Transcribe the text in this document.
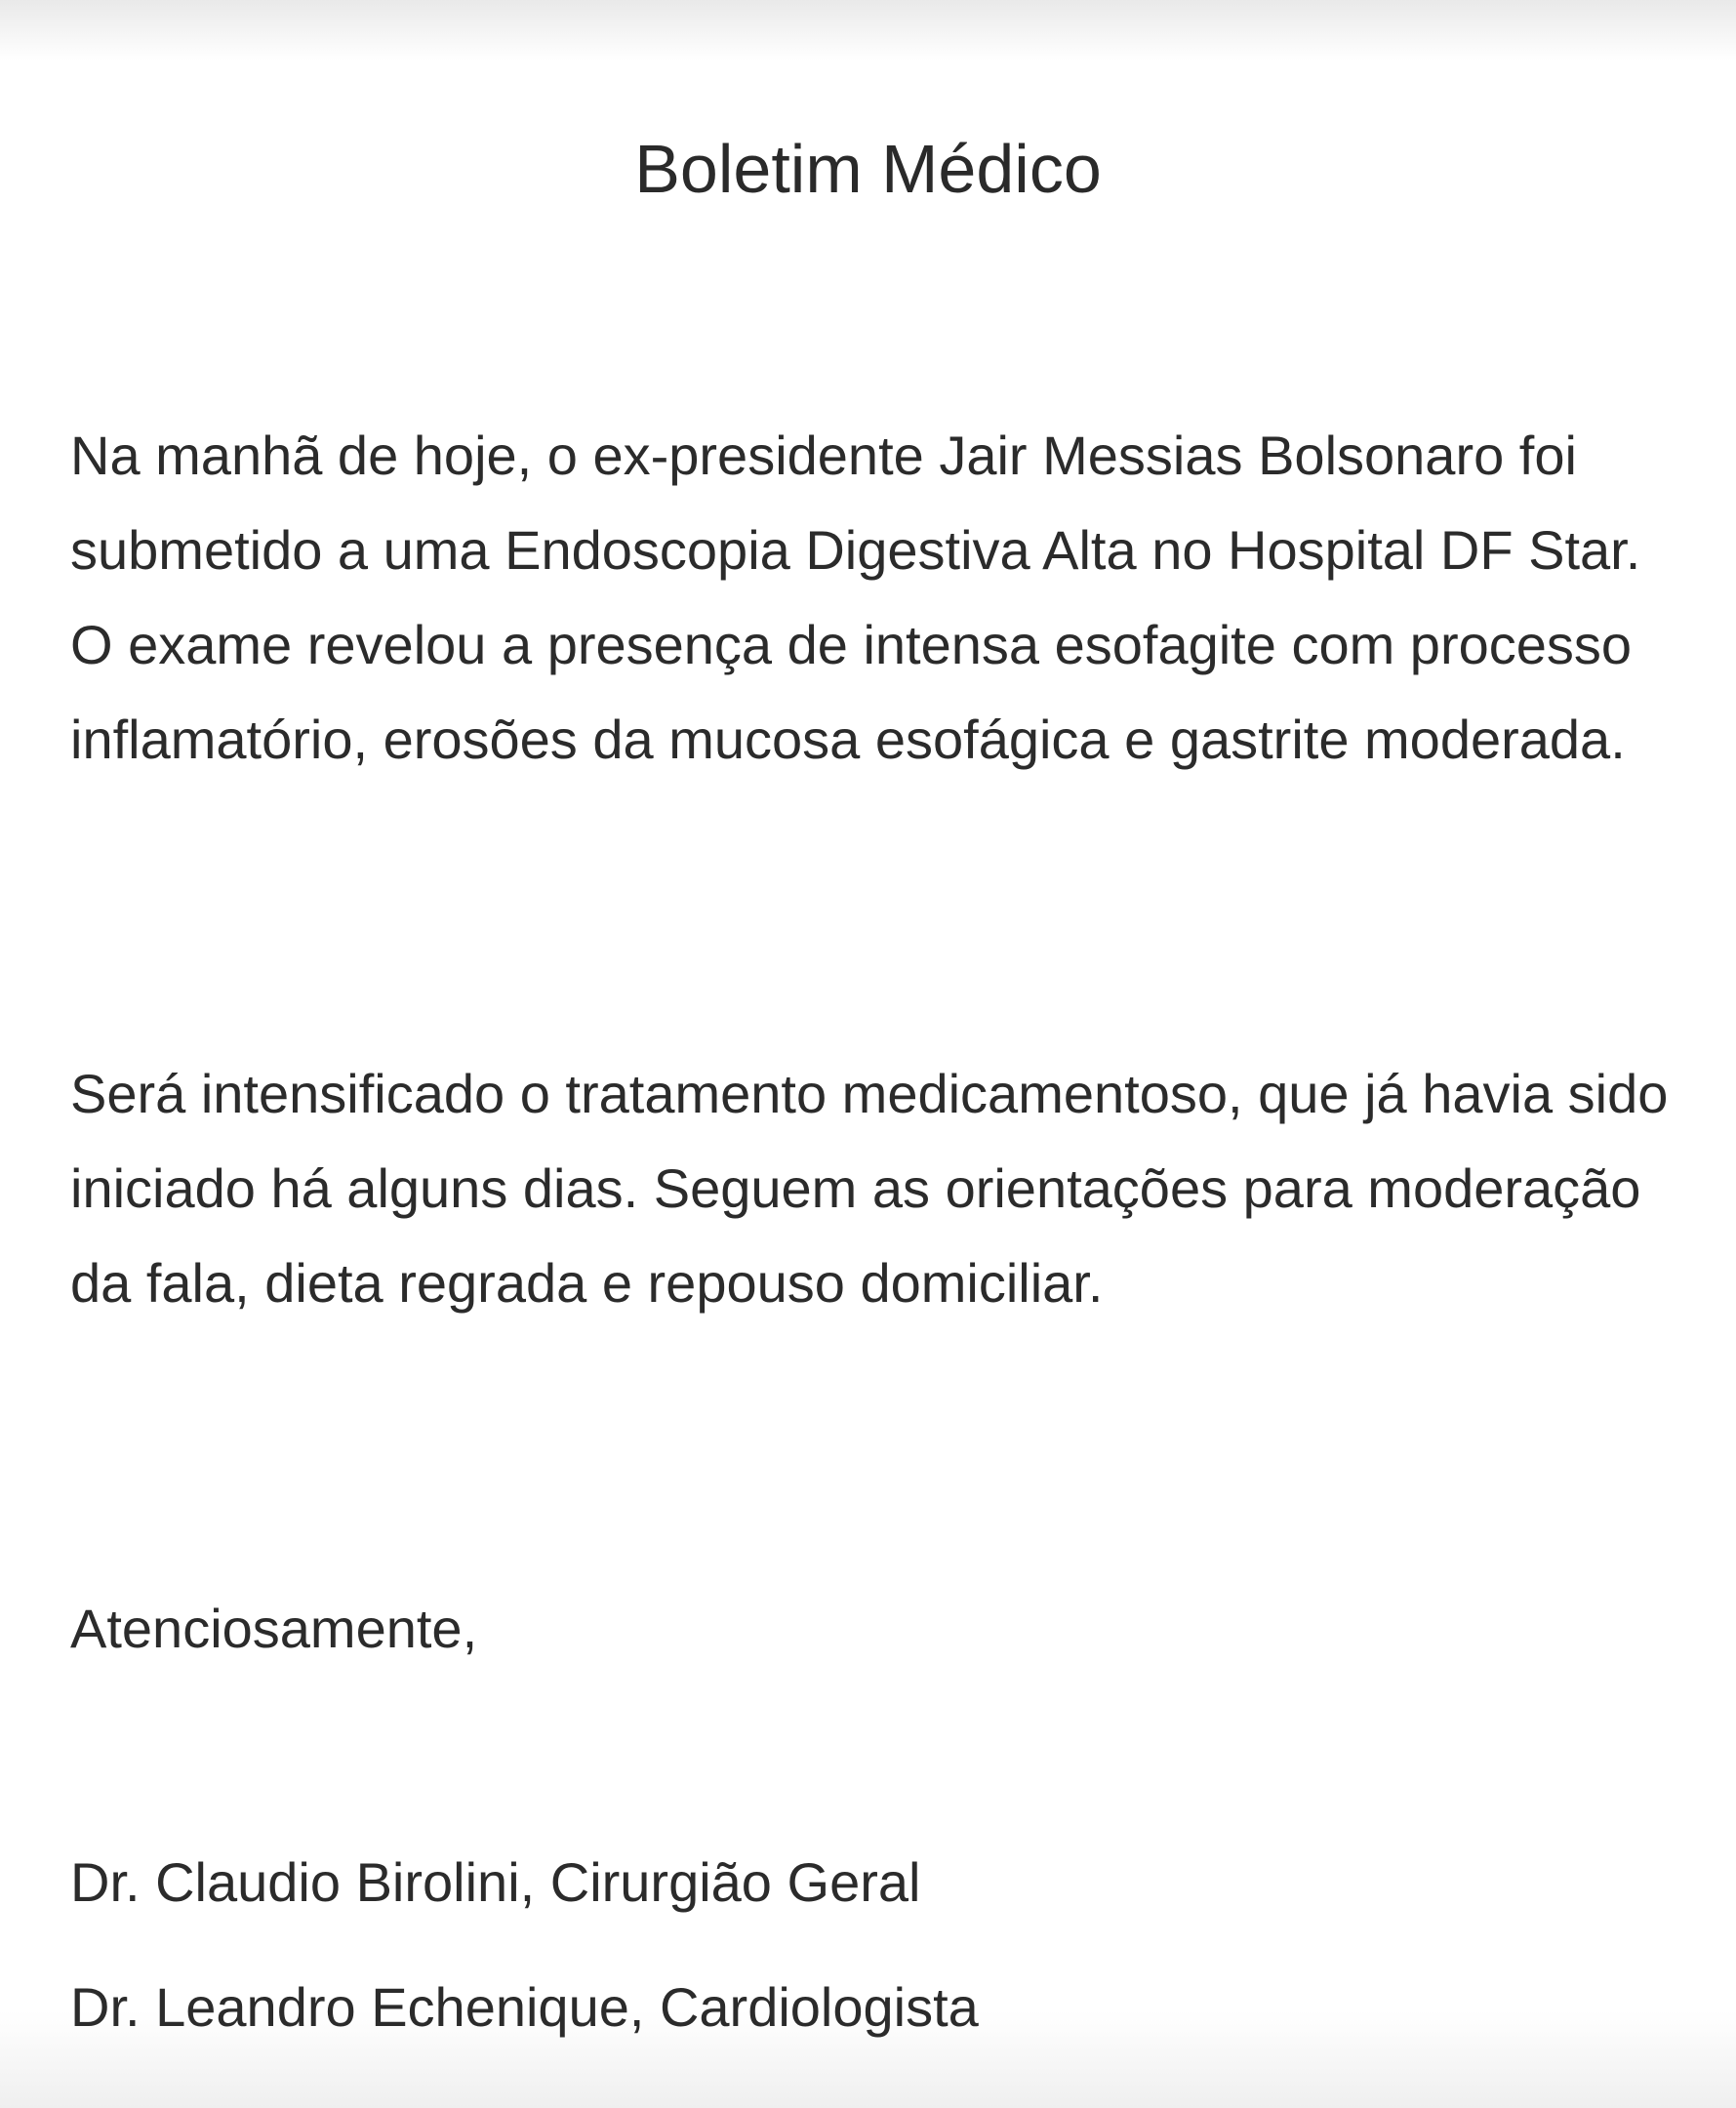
Boletim Médico

Na manhã de hoje, o ex-presidente Jair Messias Bolsonaro foi submetido a uma Endoscopia Digestiva Alta no Hospital DF Star. O exame revelou a presença de intensa esofagite com processo inflamatório, erosões da mucosa esofágica e gastrite moderada.

Será intensificado o tratamento medicamentoso, que já havia sido iniciado há alguns dias. Seguem as orientações para moderação da fala, dieta regrada e repouso domiciliar.

Atenciosamente,

Dr. Claudio Birolini, Cirurgião Geral

Dr. Leandro Echenique, Cardiologista
